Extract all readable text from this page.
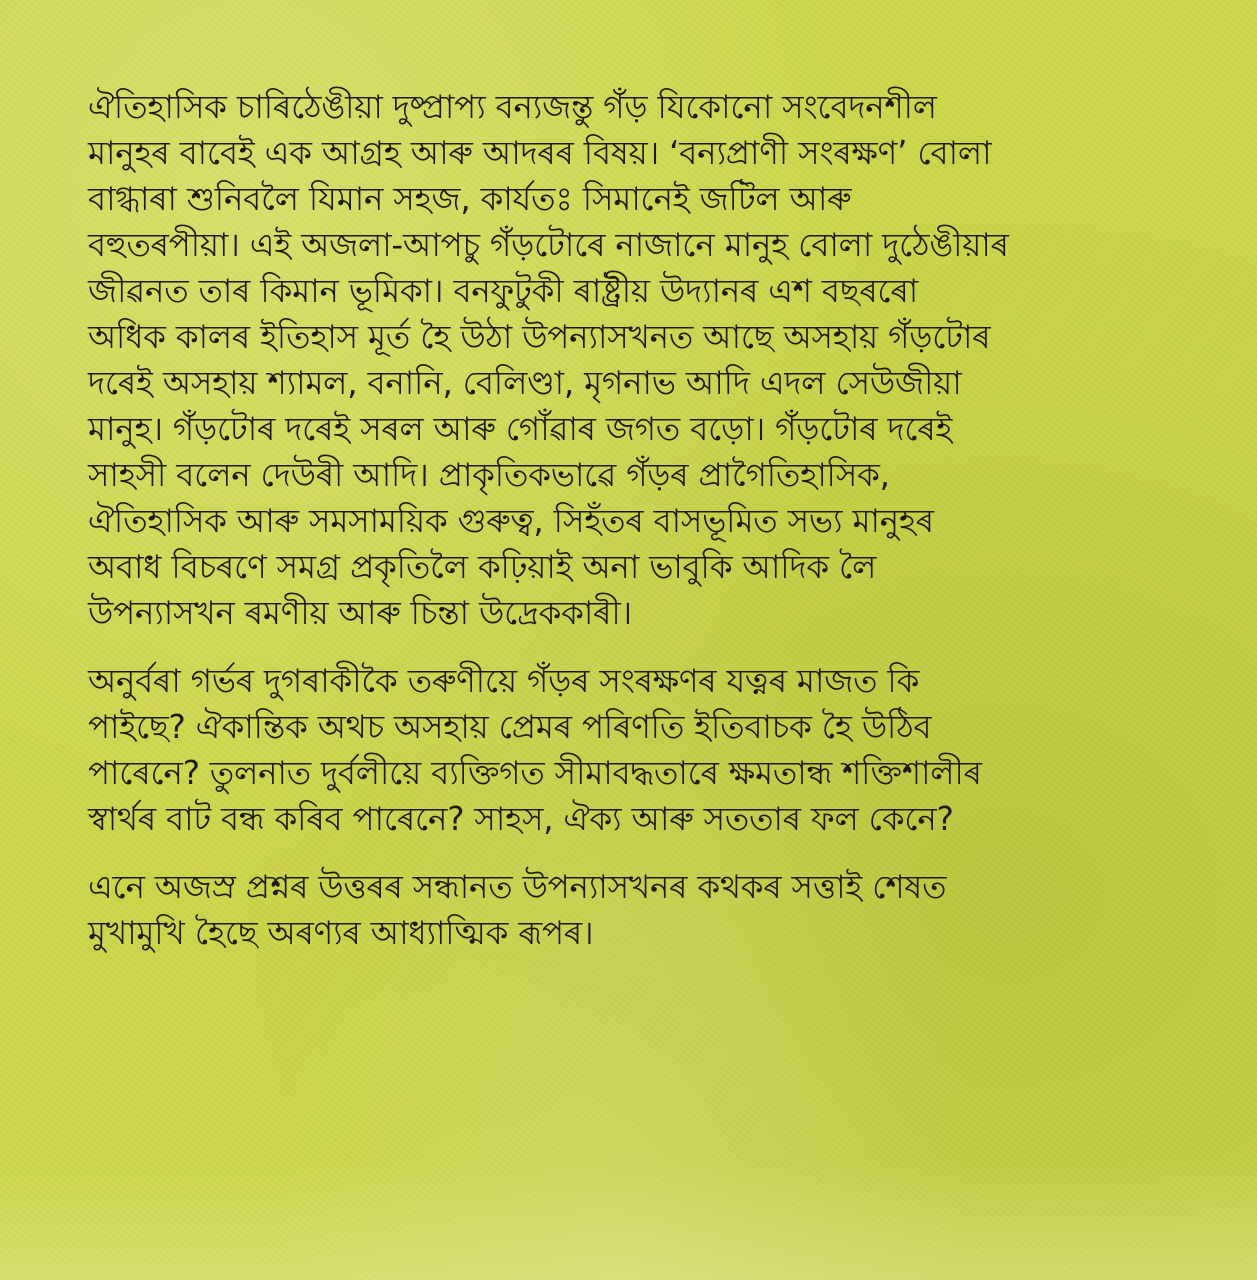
ঐতিহাসিক চাৰিঠেঙীয়া দুষ্প্ৰাপ্য বন্যজন্তু গঁড় যিকোনো সংবেদনশীল
মানুহৰ বাবেই এক আগ্ৰহ আৰু আদৰৰ বিষয়। ‘বন্যপ্ৰাণী সংৰক্ষণ’ বোলা
বাগ্ধাৰা শুনিবলৈ যিমান সহজ, কাৰ্যতঃ সিমানেই জটিল আৰু
বহুতৰপীয়া। এই অজলা-আপচু গঁড়টোৰে নাজানে মানুহ বোলা দুঠেঙীয়াৰ
জীৱনত তাৰ কিমান ভূমিকা। বনফুটুকী ৰাষ্ট্ৰীয় উদ্যানৰ এশ বছৰৰো
অধিক কালৰ ইতিহাস মূৰ্ত হৈ উঠা উপন্যাসখনত আছে অসহায় গঁড়টোৰ
দৰেই অসহায় শ্যামল, বনানি, বেলিণ্ডা, মৃগনাভ আদি এদল সেউজীয়া
মানুহ। গঁড়টোৰ দৰেই সৰল আৰু গোঁৱাৰ জগত বড়ো। গঁড়টোৰ দৰেই
সাহসী বলেন দেউৰী আদি। প্ৰাকৃতিকভাৱে গঁড়ৰ প্ৰাগৈতিহাসিক,
ঐতিহাসিক আৰু সমসাময়িক গুৰুত্ব, সিহঁতৰ বাসভূমিত সভ্য মানুহৰ
অবাধ বিচৰণে সমগ্ৰ প্ৰকৃতিলৈ কঢ়িয়াই অনা ভাবুকি আদিক লৈ
উপন্যাসখন ৰমণীয় আৰু চিন্তা উদ্ৰেককাৰী।

অনুৰ্বৰা গৰ্ভৰ দুগৰাকীকৈ তৰুণীয়ে গঁড়ৰ সংৰক্ষণৰ যত্নৰ মাজত কি
পাইছে? ঐকান্তিক অথচ অসহায় প্ৰেমৰ পৰিণতি ইতিবাচক হৈ উঠিব
পাৰেনে? তুলনাত দুৰ্বলীয়ে ব্যক্তিগত সীমাবদ্ধতাৰে ক্ষমতান্ধ শক্তিশালীৰ
স্বাৰ্থৰ বাট বন্ধ কৰিব পাৰেনে? সাহস, ঐক্য আৰু সততাৰ ফল কেনে?

এনে অজস্ৰ প্ৰশ্নৰ উত্তৰৰ সন্ধানত উপন্যাসখনৰ কথকৰ সত্তাই শেষত
মুখামুখি হৈছে অৰণ্যৰ আধ্যাত্মিক ৰূপৰ।
